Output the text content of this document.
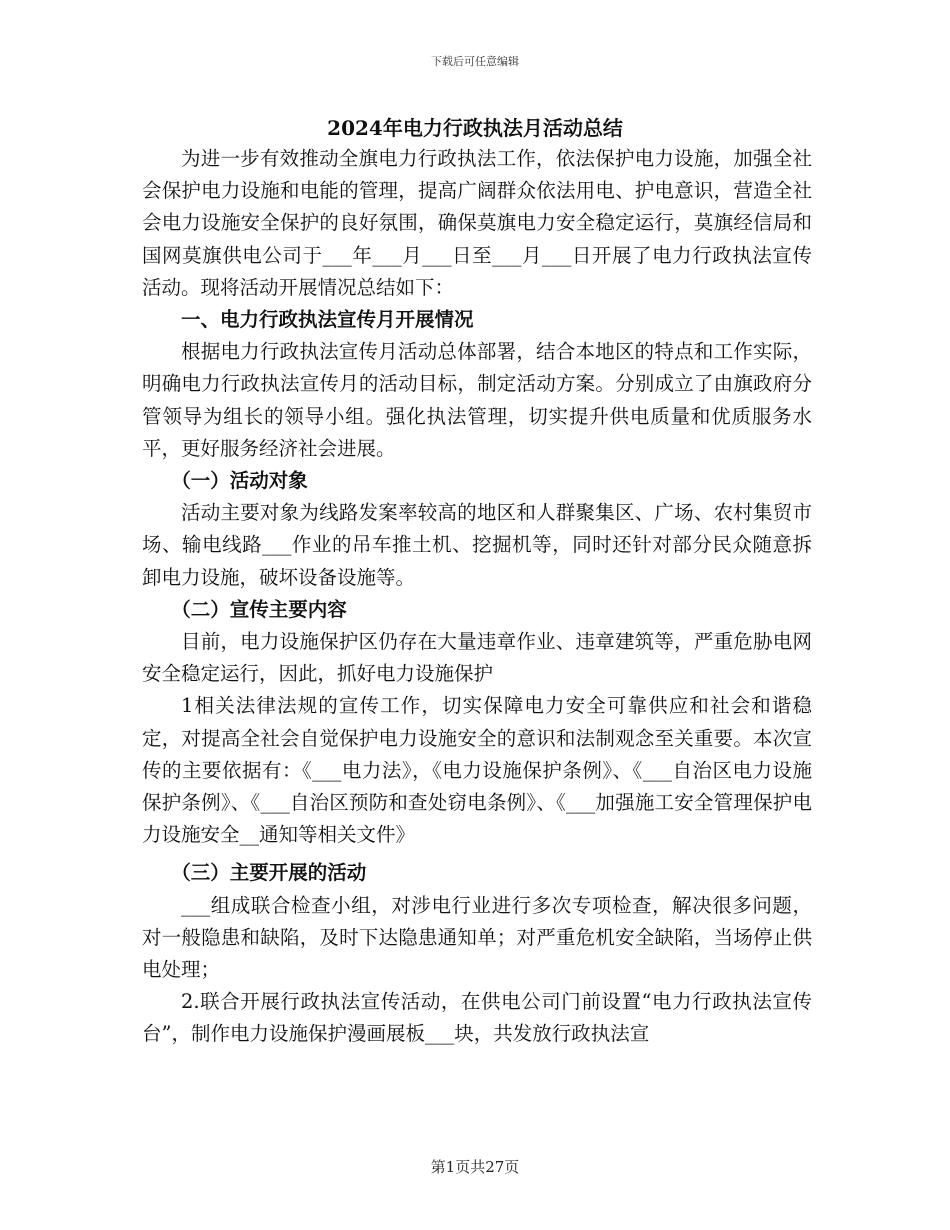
下载后可任意编辑
2024年电力行政执法月活动总结

为进一步有效推动全旗电力行政执法工作，依法保护电力设施，加强全社会保护电力设施和电能的管理，提高广阔群众依法用电、护电意识，营造全社会电力设施安全保护的良好氛围，确保莫旗电力安全稳定运行，莫旗经信局和国网莫旗供电公司于___年___月___日至___月___日开展了电力行政执法宣传活动。现将活动开展情况总结如下：

一、电力行政执法宣传月开展情况

根据电力行政执法宣传月活动总体部署，结合本地区的特点和工作实际，明确电力行政执法宣传月的活动目标，制定活动方案。分别成立了由旗政府分管领导为组长的领导小组。强化执法管理，切实提升供电质量和优质服务水平，更好服务经济社会进展。

（一）活动对象

活动主要对象为线路发案率较高的地区和人群聚集区、广场、农村集贸市场、输电线路___作业的吊车推土机、挖掘机等，同时还针对部分民众随意拆卸电力设施，破坏设备设施等。

（二）宣传主要内容

目前，电力设施保护区仍存在大量违章作业、违章建筑等，严重危胁电网安全稳定运行，因此，抓好电力设施保护

1相关法律法规的宣传工作，切实保障电力安全可靠供应和社会和谐稳定，对提高全社会自觉保护电力设施安全的意识和法制观念至关重要。本次宣传的主要依据有：《___电力法》，《电力设施保护条例》、《___自治区电力设施保护条例》、《___自治区预防和查处窃电条例》、《___加强施工安全管理保护电力设施安全__通知等相关文件》

（三）主要开展的活动

___组成联合检查小组，对涉电行业进行多次专项检查，解决很多问题，对一般隐患和缺陷，及时下达隐患通知单；对严重危机安全缺陷，当场停止供电处理；

2.联合开展行政执法宣传活动，在供电公司门前设置“电力行政执法宣传台”，制作电力设施保护漫画展板___块，共发放行政执法宣

第1页共27页
